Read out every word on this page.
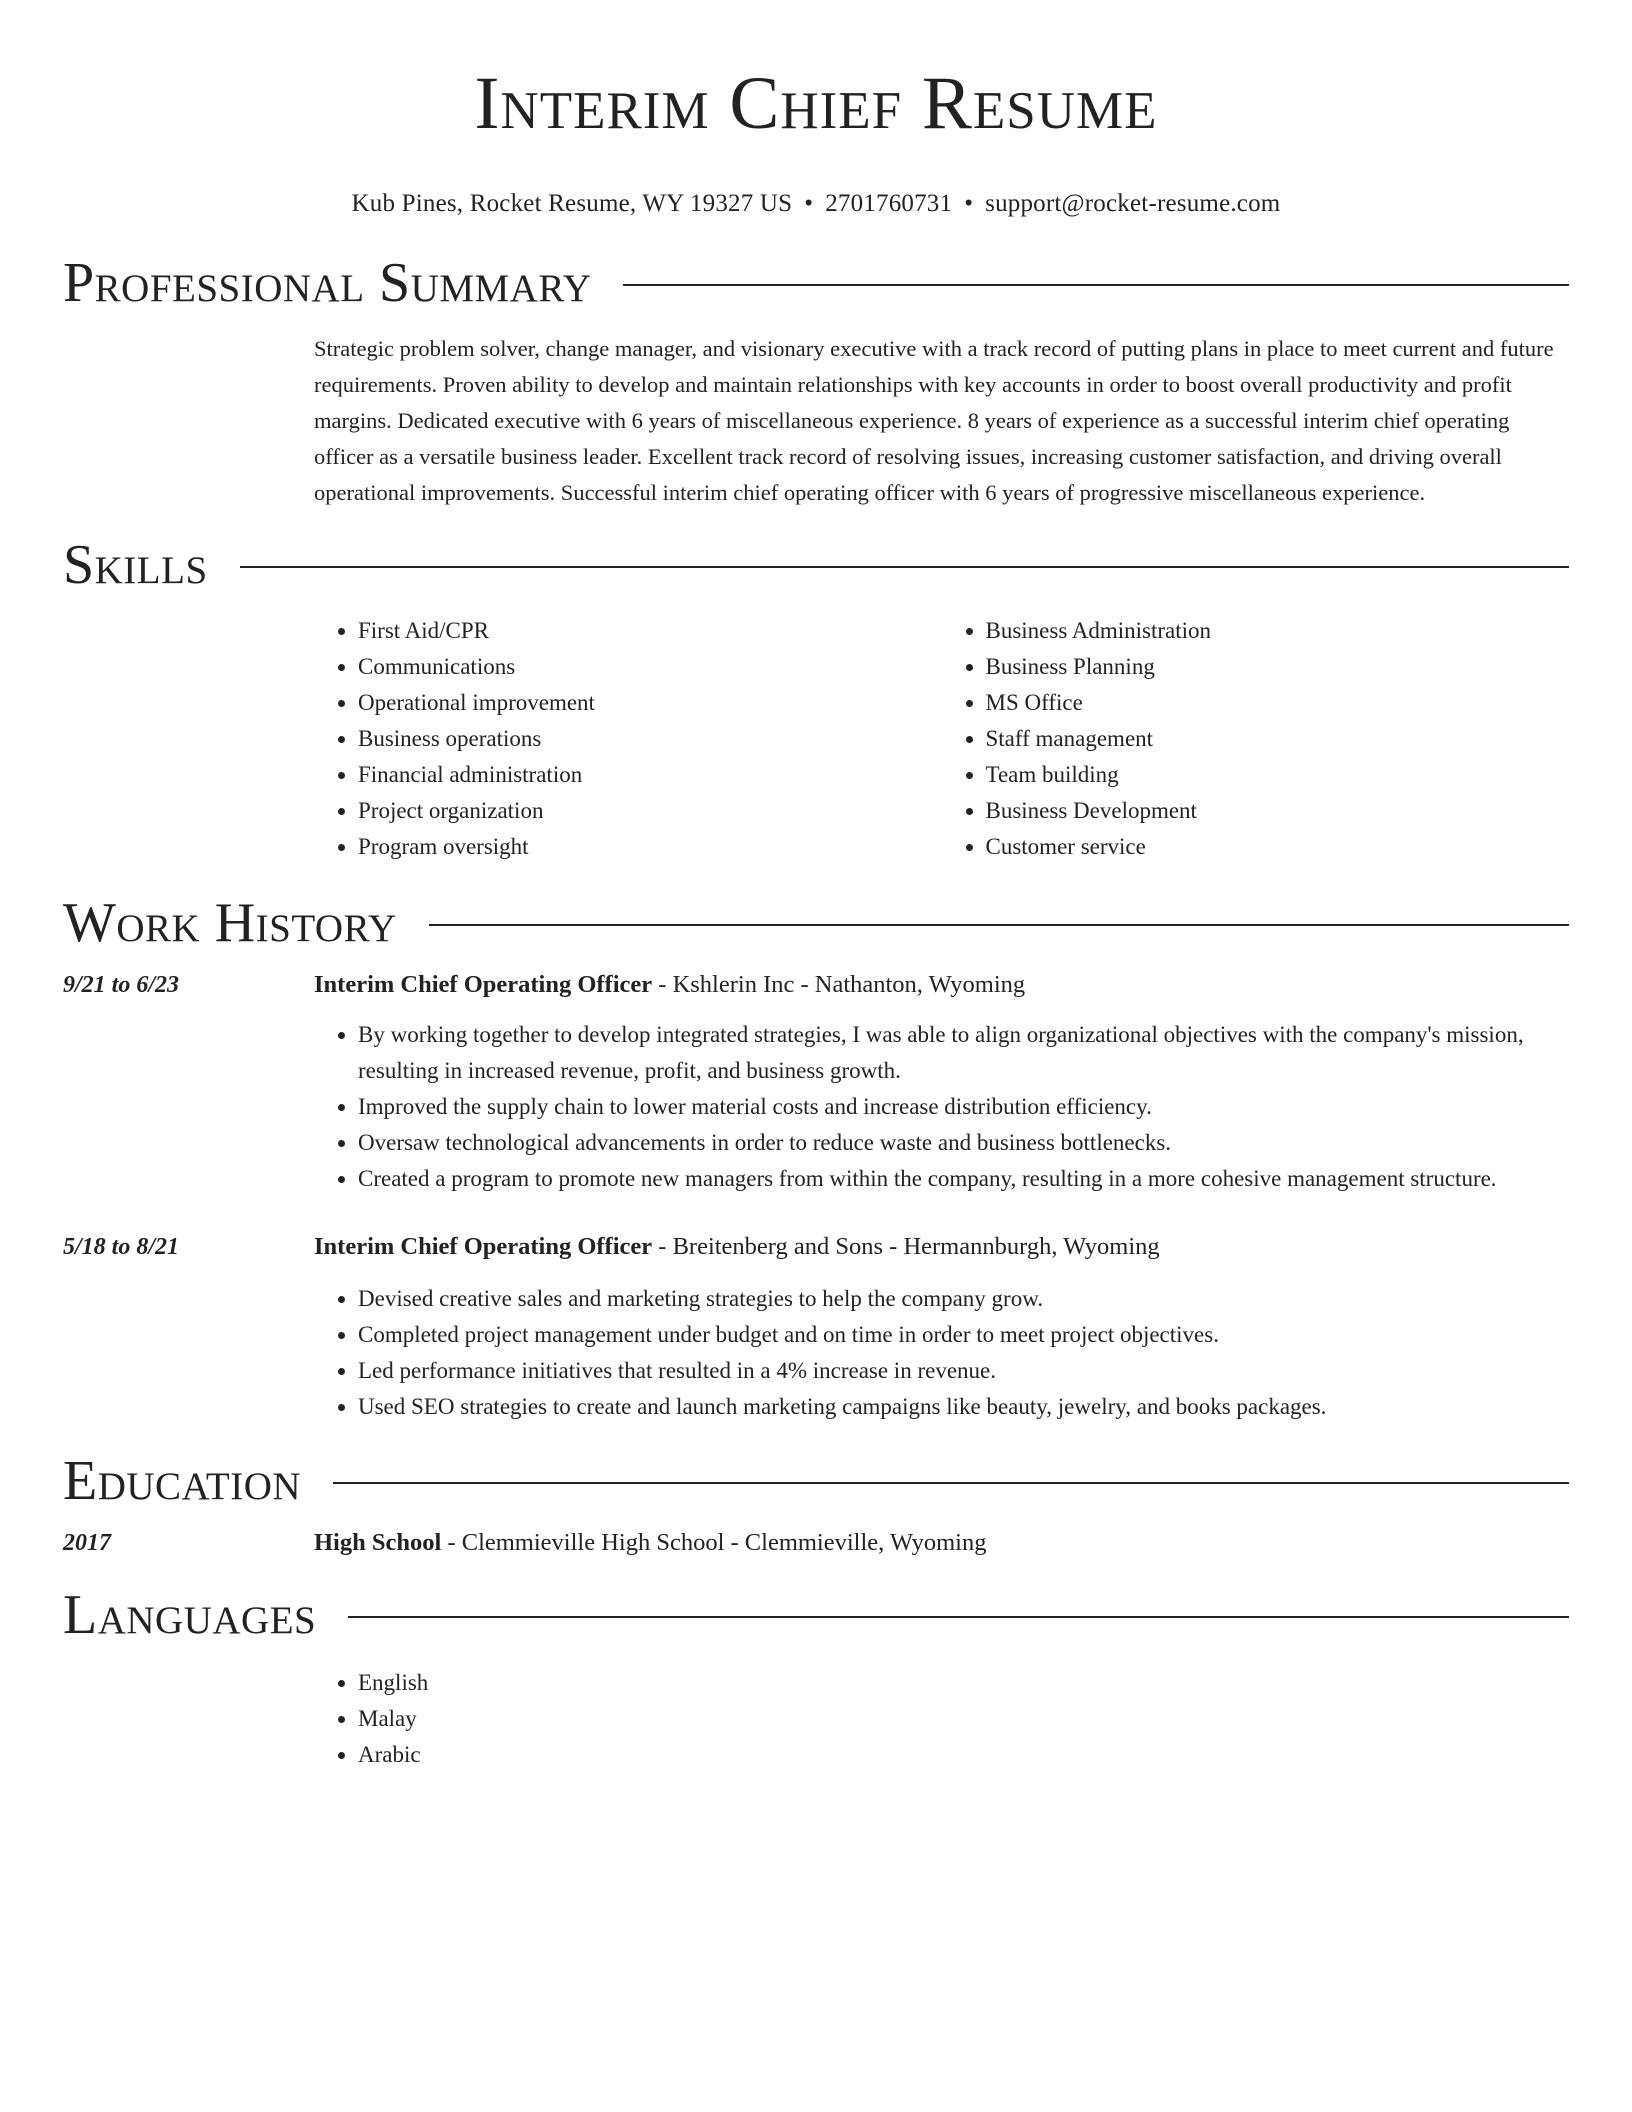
Interim Chief Resume
Kub Pines, Rocket Resume, WY 19327 US • 2701760731 • support@rocket-resume.com
Professional Summary

Strategic problem solver, change manager, and visionary executive with a track record of putting plans in place to meet current and future requirements. Proven ability to develop and maintain relationships with key accounts in order to boost overall productivity and profit margins. Dedicated executive with 6 years of miscellaneous experience. 8 years of experience as a successful interim chief operating officer as a versatile business leader. Excellent track record of resolving issues, increasing customer satisfaction, and driving overall operational improvements. Successful interim chief operating officer with 6 years of progressive miscellaneous experience.

Skills
• First Aid/CPR
• Communications
• Operational improvement
• Business operations
• Financial administration
• Project organization
• Program oversight
• Business Administration
• Business Planning
• MS Office
• Staff management
• Team building
• Business Development
• Customer service
Work History
9/21 to 6/23	Interim Chief Operating Officer - Kshlerin Inc - Nathanton, Wyoming
• By working together to develop integrated strategies, I was able to align organizational objectives with the company's mission, resulting in increased revenue, profit, and business growth.
• Improved the supply chain to lower material costs and increase distribution efficiency.
• Oversaw technological advancements in order to reduce waste and business bottlenecks.
• Created a program to promote new managers from within the company, resulting in a more cohesive management structure.
5/18 to 8/21	Interim Chief Operating Officer - Breitenberg and Sons - Hermannburgh, Wyoming
• Devised creative sales and marketing strategies to help the company grow.
• Completed project management under budget and on time in order to meet project objectives.
• Led performance initiatives that resulted in a 4% increase in revenue.
• Used SEO strategies to create and launch marketing campaigns like beauty, jewelry, and books packages.
Education
2017	High School - Clemmieville High School - Clemmieville, Wyoming
Languages
• English
• Malay
• Arabic
